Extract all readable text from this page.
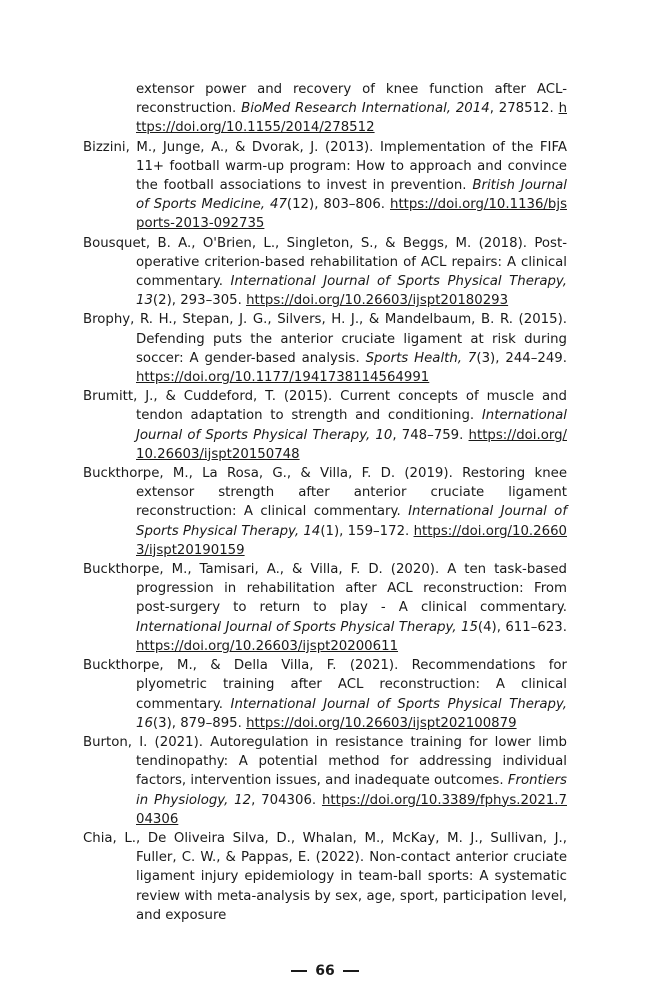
extensor power and recovery of knee function after ACL-reconstruction. BioMed Research International, 2014, 278512. https://doi.org/10.1155/2014/278512

Bizzini, M., Junge, A., & Dvorak, J. (2013). Implementation of the FIFA 11+ football warm-up program: How to approach and convince the football associations to invest in prevention. British Journal of Sports Medicine, 47(12), 803–806. https://doi.org/10.1136/bjsports-2013-092735

Bousquet, B. A., O'Brien, L., Singleton, S., & Beggs, M. (2018). Post-operative criterion-based rehabilitation of ACL repairs: A clinical commentary. International Journal of Sports Physical Therapy, 13(2), 293–305. https://doi.org/10.26603/ijspt20180293

Brophy, R. H., Stepan, J. G., Silvers, H. J., & Mandelbaum, B. R. (2015). Defending puts the anterior cruciate ligament at risk during soccer: A gender-based analysis. Sports Health, 7(3), 244–249. https://doi.org/10.1177/1941738114564991

Brumitt, J., & Cuddeford, T. (2015). Current concepts of muscle and tendon adaptation to strength and conditioning. International Journal of Sports Physical Therapy, 10, 748–759. https://doi.org/10.26603/ijspt20150748

Buckthorpe, M., La Rosa, G., & Villa, F. D. (2019). Restoring knee extensor strength after anterior cruciate ligament reconstruction: A clinical commentary. International Journal of Sports Physical Therapy, 14(1), 159–172. https://doi.org/10.26603/ijspt20190159

Buckthorpe, M., Tamisari, A., & Villa, F. D. (2020). A ten task-based progression in rehabilitation after ACL reconstruction: From post-surgery to return to play - A clinical commentary. International Journal of Sports Physical Therapy, 15(4), 611–623. https://doi.org/10.26603/ijspt20200611

Buckthorpe, M., & Della Villa, F. (2021). Recommendations for plyometric training after ACL reconstruction: A clinical commentary. International Journal of Sports Physical Therapy, 16(3), 879–895. https://doi.org/10.26603/ijspt202100879

Burton, I. (2021). Autoregulation in resistance training for lower limb tendinopathy: A potential method for addressing individual factors, intervention issues, and inadequate outcomes. Frontiers in Physiology, 12, 704306. https://doi.org/10.3389/fphys.2021.704306

Chia, L., De Oliveira Silva, D., Whalan, M., McKay, M. J., Sullivan, J., Fuller, C. W., & Pappas, E. (2022). Non-contact anterior cruciate ligament injury epidemiology in team-ball sports: A systematic review with meta-analysis by sex, age, sport, participation level, and exposure

66
